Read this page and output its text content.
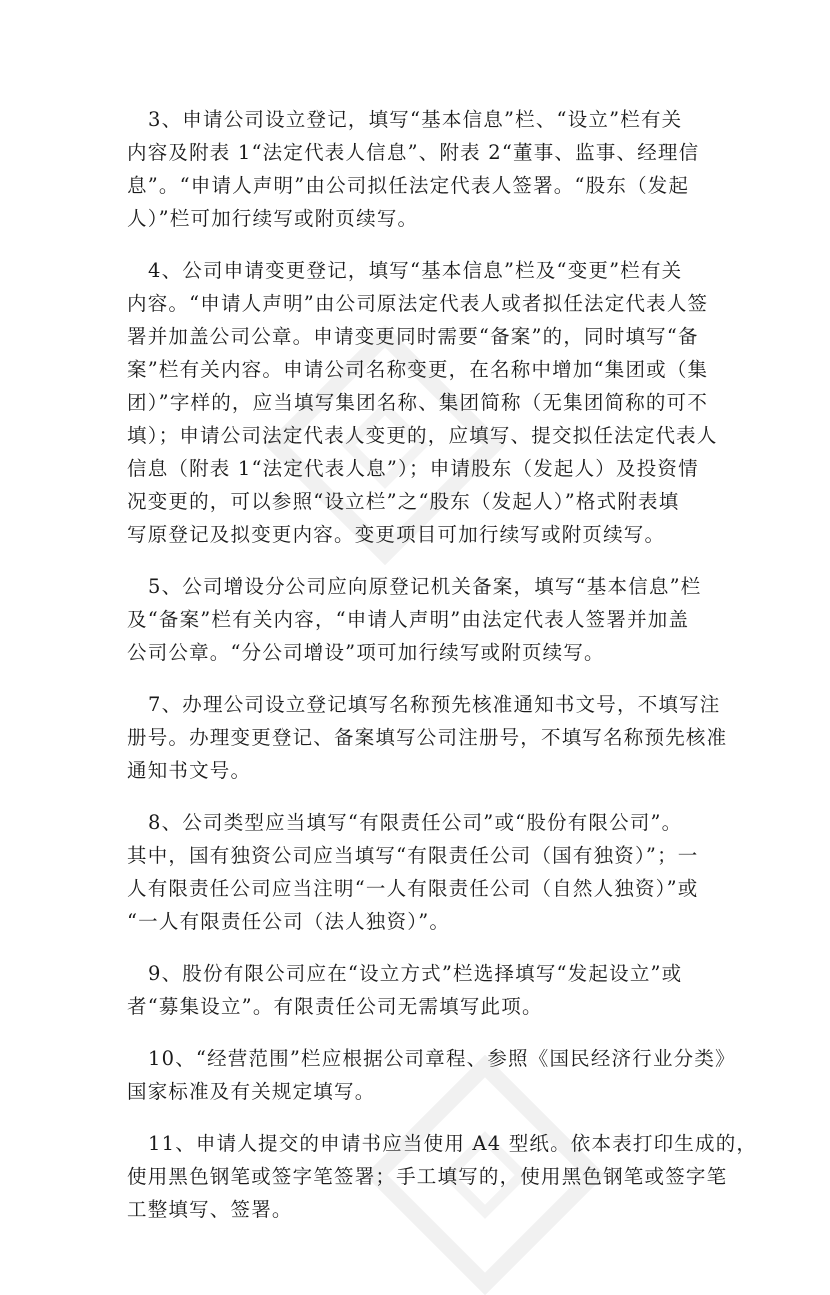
3、申请公司设立登记，填写“基本信息”栏、“设立”栏有关
内容及附表 1“法定代表人信息”、附表 2“董事、监事、经理信
息”。“申请人声明”由公司拟任法定代表人签署。“股东（发起
人）”栏可加行续写或附页续写。
4、公司申请变更登记，填写“基本信息”栏及“变更”栏有关
内容。“申请人声明”由公司原法定代表人或者拟任法定代表人签
署并加盖公司公章。申请变更同时需要“备案”的，同时填写“备
案”栏有关内容。申请公司名称变更，在名称中增加“集团或（集
团）”字样的，应当填写集团名称、集团简称（无集团简称的可不
填）；申请公司法定代表人变更的，应填写、提交拟任法定代表人
信息（附表 1“法定代表人息”）；申请股东（发起人）及投资情
况变更的，可以参照“设立栏”之“股东（发起人）”格式附表填
写原登记及拟变更内容。变更项目可加行续写或附页续写。
5、公司增设分公司应向原登记机关备案，填写“基本信息”栏
及“备案”栏有关内容，“申请人声明”由法定代表人签署并加盖
公司公章。“分公司增设”项可加行续写或附页续写。
7、办理公司设立登记填写名称预先核准通知书文号，不填写注
册号。办理变更登记、备案填写公司注册号，不填写名称预先核准
通知书文号。
8、公司类型应当填写“有限责任公司”或“股份有限公司”。
其中，国有独资公司应当填写“有限责任公司（国有独资）”；一
人有限责任公司应当注明“一人有限责任公司（自然人独资）”或
“一人有限责任公司（法人独资）”。
9、股份有限公司应在“设立方式”栏选择填写“发起设立”或
者“募集设立”。有限责任公司无需填写此项。
10、“经营范围”栏应根据公司章程、参照《国民经济行业分类》
国家标准及有关规定填写。
11、申请人提交的申请书应当使用 A4 型纸。依本表打印生成的，
使用黑色钢笔或签字笔签署；手工填写的，使用黑色钢笔或签字笔
工整填写、签署。
